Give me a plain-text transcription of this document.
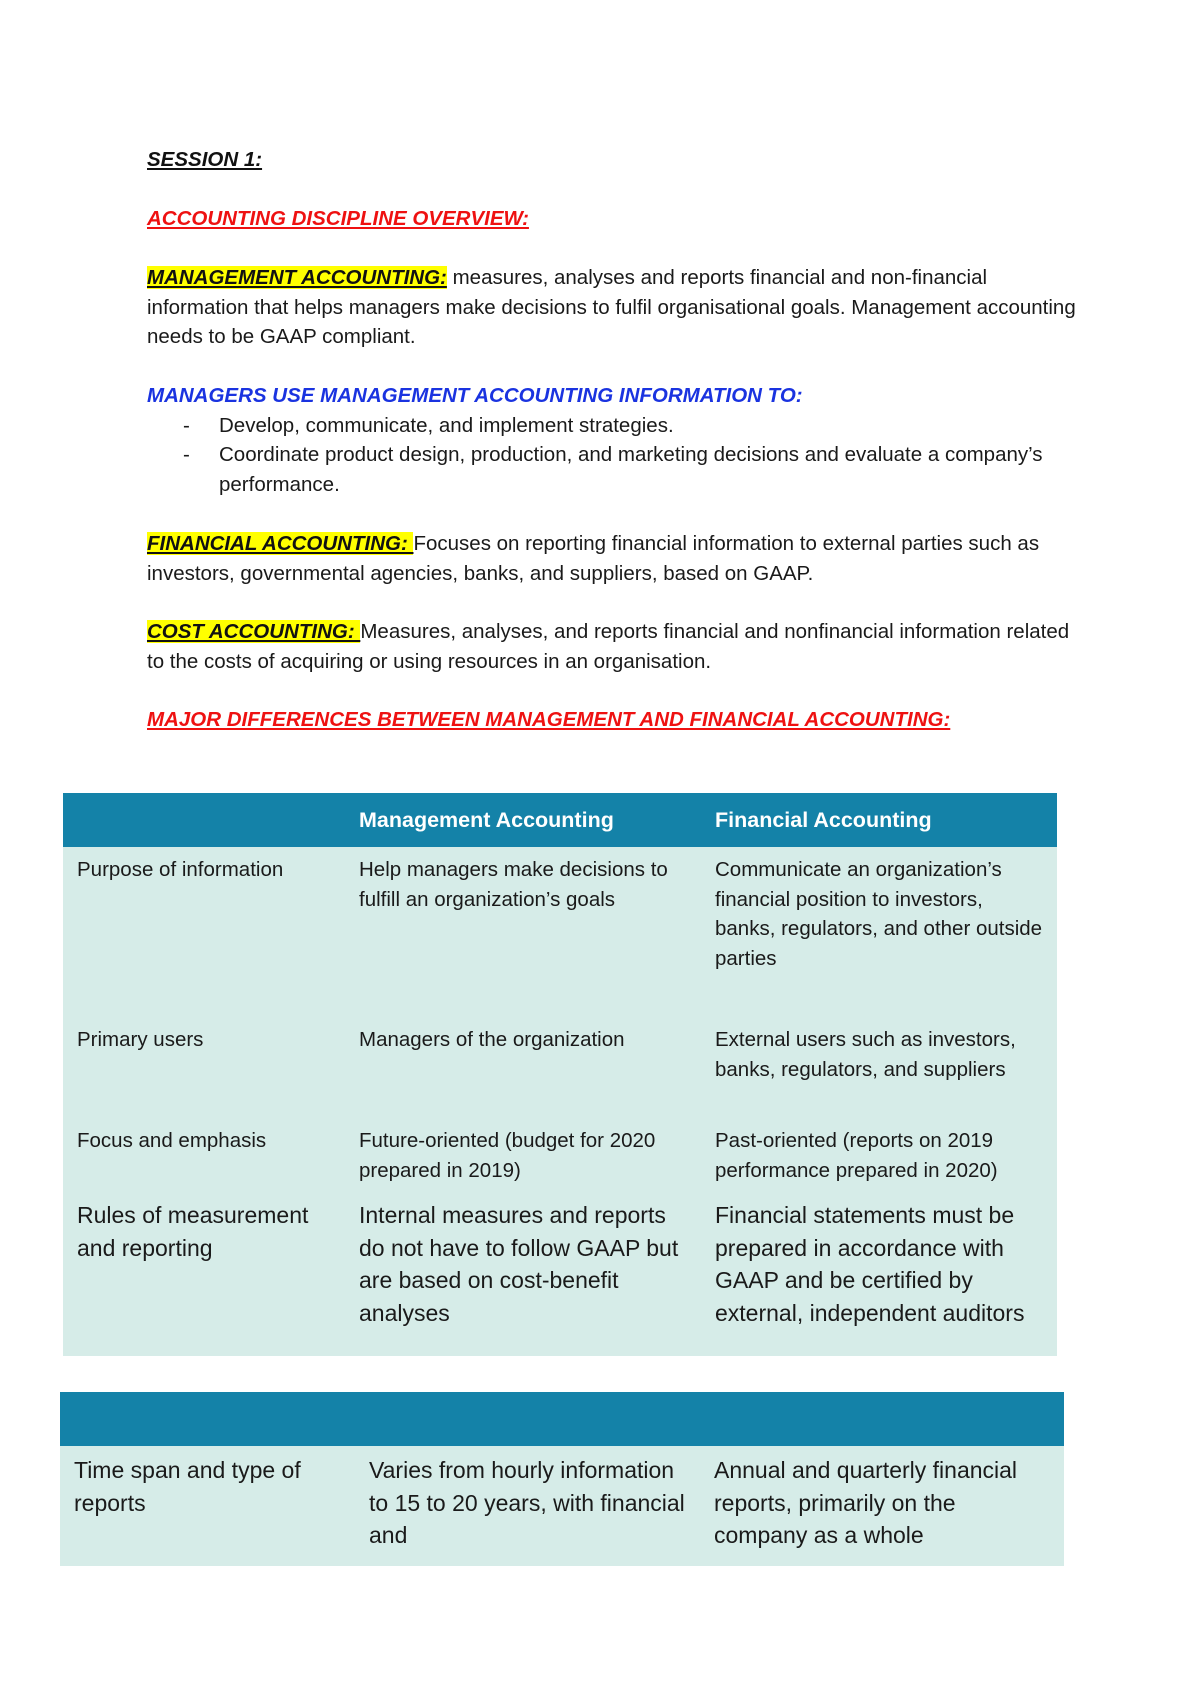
SESSION 1:
ACCOUNTING DISCIPLINE OVERVIEW:

MANAGEMENT ACCOUNTING: measures, analyses and reports financial and non-financial information that helps managers make decisions to fulfil organisational goals. Management accounting needs to be GAAP compliant.

MANAGERS USE MANAGEMENT ACCOUNTING INFORMATION TO:

- Develop, communicate, and implement strategies.
- Coordinate product design, production, and marketing decisions and evaluate a company’s performance.

FINANCIAL ACCOUNTING: Focuses on reporting financial information to external parties such as investors, governmental agencies, banks, and suppliers, based on GAAP.

COST ACCOUNTING: Measures, analyses, and reports financial and nonfinancial information related to the costs of acquiring or using resources in an organisation.

MAJOR DIFFERENCES BETWEEN MANAGEMENT AND FINANCIAL ACCOUNTING:
	Management Accounting	Financial Accounting
Purpose of information	Help managers make decisions to fulfill an organization’s goals	Communicate an organization’s financial position to investors, banks, regulators, and other outside parties
Primary users	Managers of the organization	External users such as investors, banks, regulators, and suppliers
Focus and emphasis	Future-oriented (budget for 2020 prepared in 2019)	Past-oriented (reports on 2019 performance prepared in 2020)
Rules of measurement and reporting	Internal measures and reports do not have to follow GAAP but are based on cost-benefit analyses	Financial statements must be prepared in accordance with GAAP and be certified by external, independent auditors

Time span and type of reports	Varies from hourly information to 15 to 20 years, with financial and	Annual and quarterly financial reports, primarily on the company as a whole
